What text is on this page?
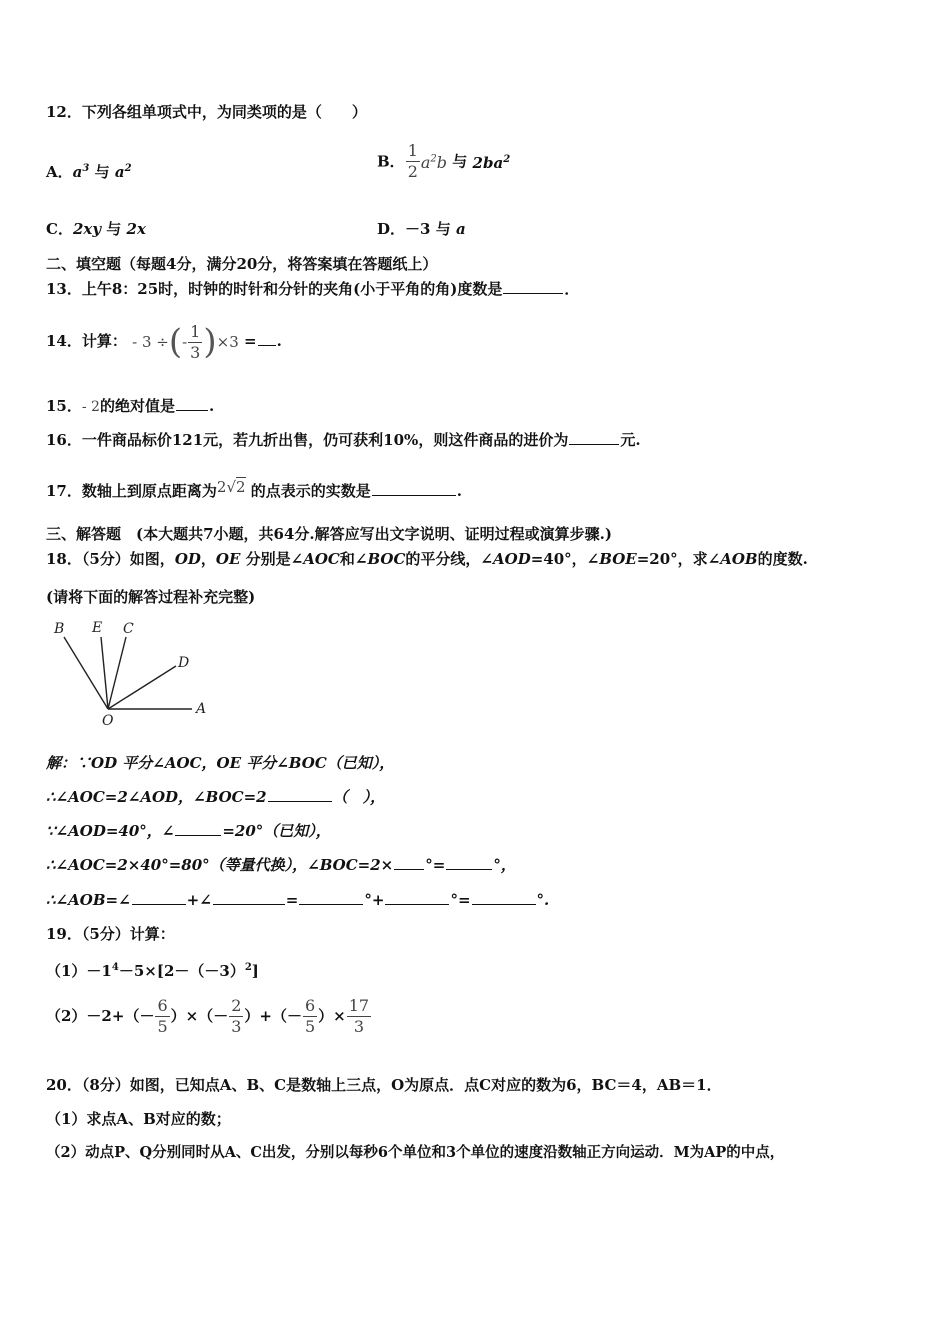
12．下列各组单项式中，为同类项的是（　　）
A．$a^3$ 与 $a^2$	B． $\frac{1}{2} a^2b$ 与 $2ba^2$
C．2xy 与 2x	D．－3 与 a
二、填空题（每题4分，满分20分，将答案填在答题纸上）
13．上午8：25时，时钟的时针和分针的夹角(小于平角的角)度数是	．
14．计算： - 3 ÷(- $\frac{1}{3} )\times 3$ = .
15．- 2的绝对值是 .
16．一件商品标价121元，若九折出售，仍可获利10%，则这件商品的进价为	元.
17．数轴上到原点距离为2√2 的点表示的实数是	.
三、解答题　(本大题共7小题，共64分.解答应写出文字说明、证明过程或演算步骤.)
18．（5分）如图，OD，OE 分别是∠AOC和∠BOC的平分线，∠AOD=40°，∠BOE=20°，求∠AOB的度数.
(请将下面的解答过程补充完整)
B E C
D
O
A
解：∵OD 平分∠AOC，OE 平分∠BOC（已知），
∴∠AOC=2∠AOD，∠BOC=2	（　），
∵∠AOD=40°，∠	=20°（已知），
∴∠AOC=2×40°=80°（等量代换），∠BOC=2× °=	°，
∴∠AOB=∠	+∠	=	°+	°=	°.
19．（5分）计算：
$(1)-1^4-5\times[2-(-3)^2]$
$(2)-2+(- \frac{6}{5}$ ）×（－ $\frac{2}{3}$ ）+（－ $\frac{6}{5}$ ）× $\frac{17}{3}$
20．（8分）如图，已知点A、B、C是数轴上三点，O为原点．点C对应的数为6，BC＝4，AB＝1．
（1）求点A、B对应的数；
（2）动点P、Q分别同时从A、C出发，分别以每秒6个单位和3个单位的速度沿数轴正方向运动．M为AP的中点，
